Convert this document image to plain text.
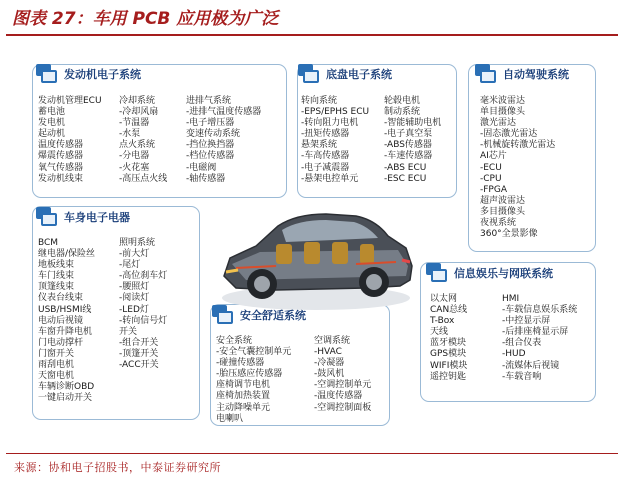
图表 27：车用 PCB 应用极为广泛
发动机电子系统
发动机管理ECU
蓄电池
发电机
起动机
温度传感器
爆震传感器
氧气传感器
发动机线束
冷却系统
-冷却风扇
-节温器
-水泵
点火系统
-分电器
-火花塞
-高压点火线
进排气系统
-进排气温度传感器
-电子增压器
变速传动系统
-挡位换挡器
-档位传感器
-电磁阀
-轴传感器
底盘电子系统
转向系统
-EPS/EPHS ECU
-转向阻力电机
-扭矩传感器
悬架系统
-车高传感器
-电子减震器
-悬架电控单元
轮毂电机
制动系统
-智能辅助电机
-电子真空泵
-ABS传感器
-车速传感器
-ABS ECU
-ESC ECU
自动驾驶系统
毫米波雷达
单目摄像头
激光雷达
-固态激光雷达
-机械旋转激光雷达
AI芯片
-ECU
-CPU
-FPGA
超声波雷达
多目摄像头
夜视系统
360°全景影像
车身电子电器
BCM
继电器/保险丝
地板线束
车门线束
顶篷线束
仪表台线束
USB/HSMI线
电动后视镜
车窗升降电机
门电动撑杆
门窗开关
雨刮电机
天窗电机
车辆诊断OBD
一键启动开关
照明系统
-前大灯
-尾灯
-高位刹车灯
-腰照灯
-阅读灯
-LED灯
-转向信号灯
开关
-组合开关
-顶篷开关
-ACC开关
安全舒适系统
安全系统
-安全气囊控制单元
-碰撞传感器
-胎压感应传感器
座椅调节电机
座椅加热装置
主动降噪单元
电喇叭
空调系统
-HVAC
-冷凝器
-鼓风机
-空调控制单元
-温度传感器
-空调控制面板
信息娱乐与网联系统
以太网
CAN总线
T-Box
天线
蓝牙模块
GPS模块
WIFI模块
遥控钥匙
HMI
-车载信息娱乐系统
-中控显示屏
-后排座椅显示屏
-组合仪表
-HUD
-流媒体后视镜
-车载音响
来源：协和电子招股书，中泰证券研究所
